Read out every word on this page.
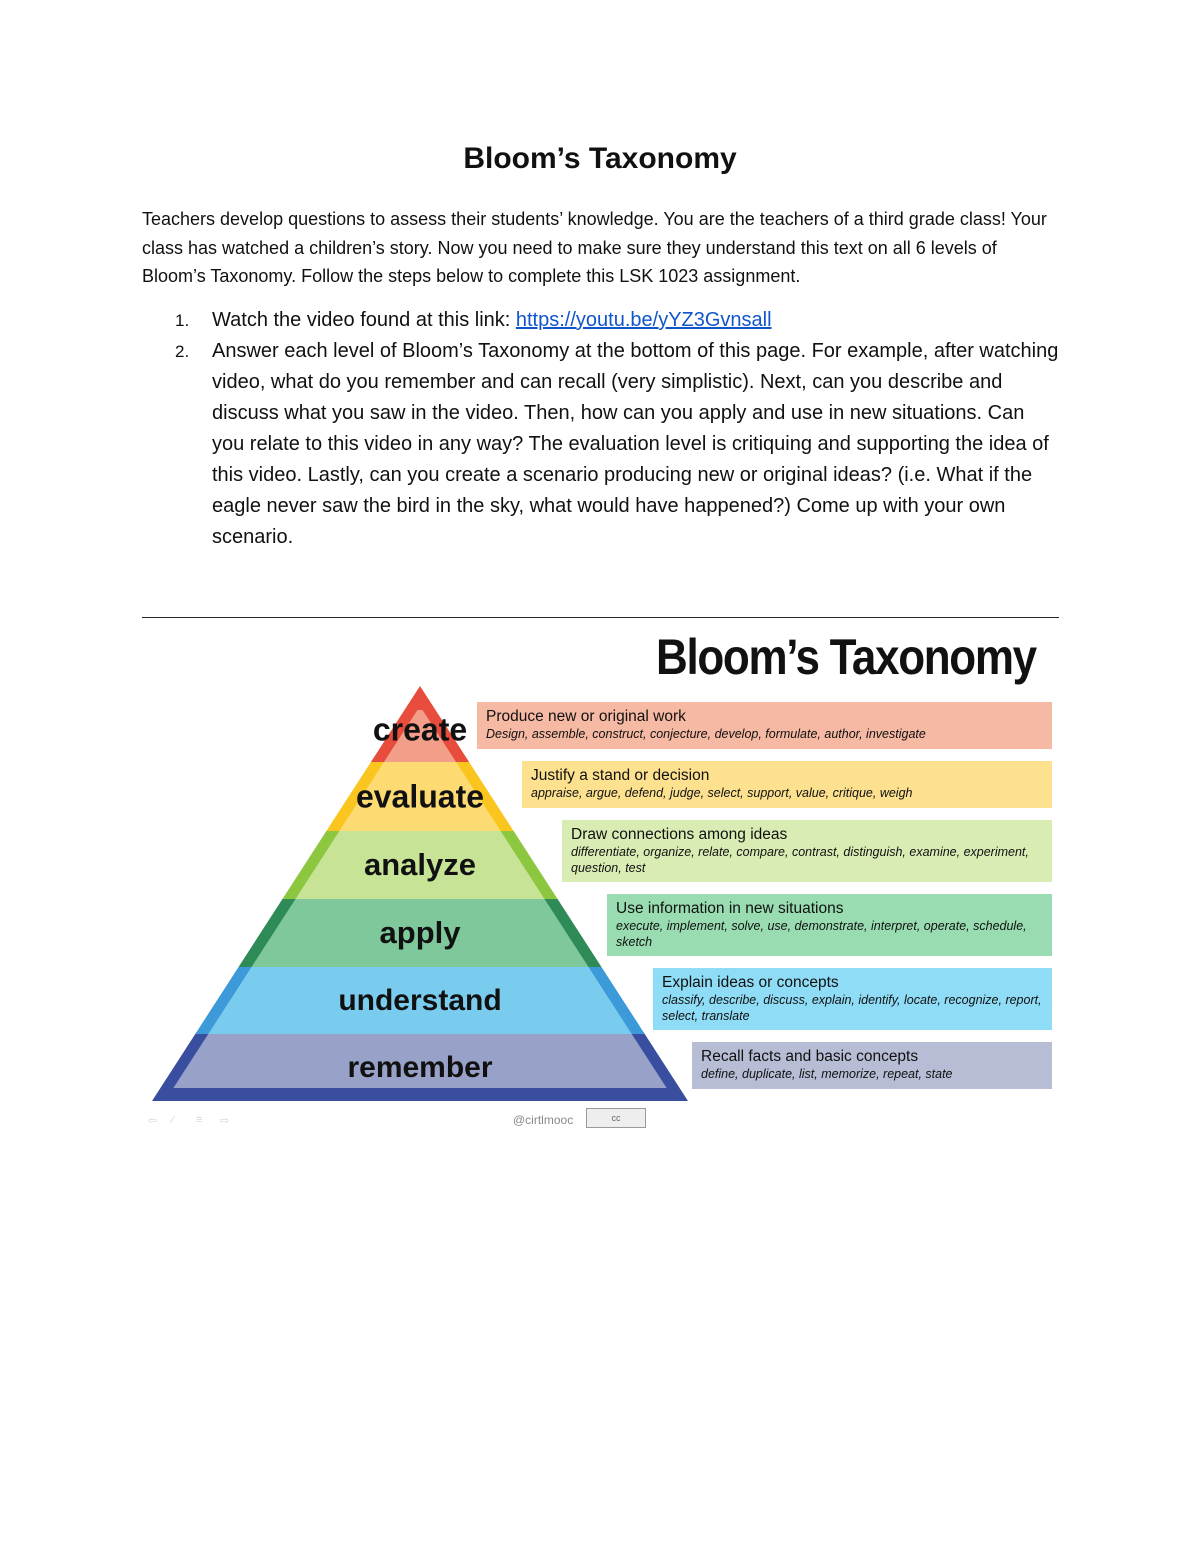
Bloom’s Taxonomy

Teachers develop questions to assess their students’ knowledge. You are the teachers of a third grade class! Your class has watched a children’s story. Now you need to make sure they understand this text on all 6 levels of Bloom’s Taxonomy. Follow the steps below to complete this LSK 1023 assignment.

1. Watch the video found at this link: https://youtu.be/yYZ3Gvnsall
2. Answer each level of Bloom’s Taxonomy at the bottom of this page. For example, after watching video, what do you remember and can recall (very simplistic). Next, can you describe and discuss what you saw in the video. Then, how can you apply and use in new situations. Can you relate to this video in any way? The evaluation level is critiquing and supporting the idea of this video. Lastly, can you create a scenario producing new or original ideas? (i.e. What if the eagle never saw the bird in the sky, what would have happened?) Come up with your own scenario.
Bloom’s Taxonomy
create
evaluate
analyze
apply
understand
remember
Produce new or original work
Design, assemble, construct, conjecture, develop, formulate, author, investigate
Justify a stand or decision
appraise, argue, defend, judge, select, support, value, critique, weigh
Draw connections among ideas
differentiate, organize, relate, compare, contrast, distinguish, examine, experiment, question, test
Use information in new situations
execute, implement, solve, use, demonstrate, interpret, operate, schedule, sketch
Explain ideas or concepts
classify, describe, discuss, explain, identify, locate, recognize, report, select, translate
Recall facts and basic concepts
define, duplicate, list, memorize, repeat, state
⇦ ∕ ≡ ⇨	@cirtlmooc	cc
